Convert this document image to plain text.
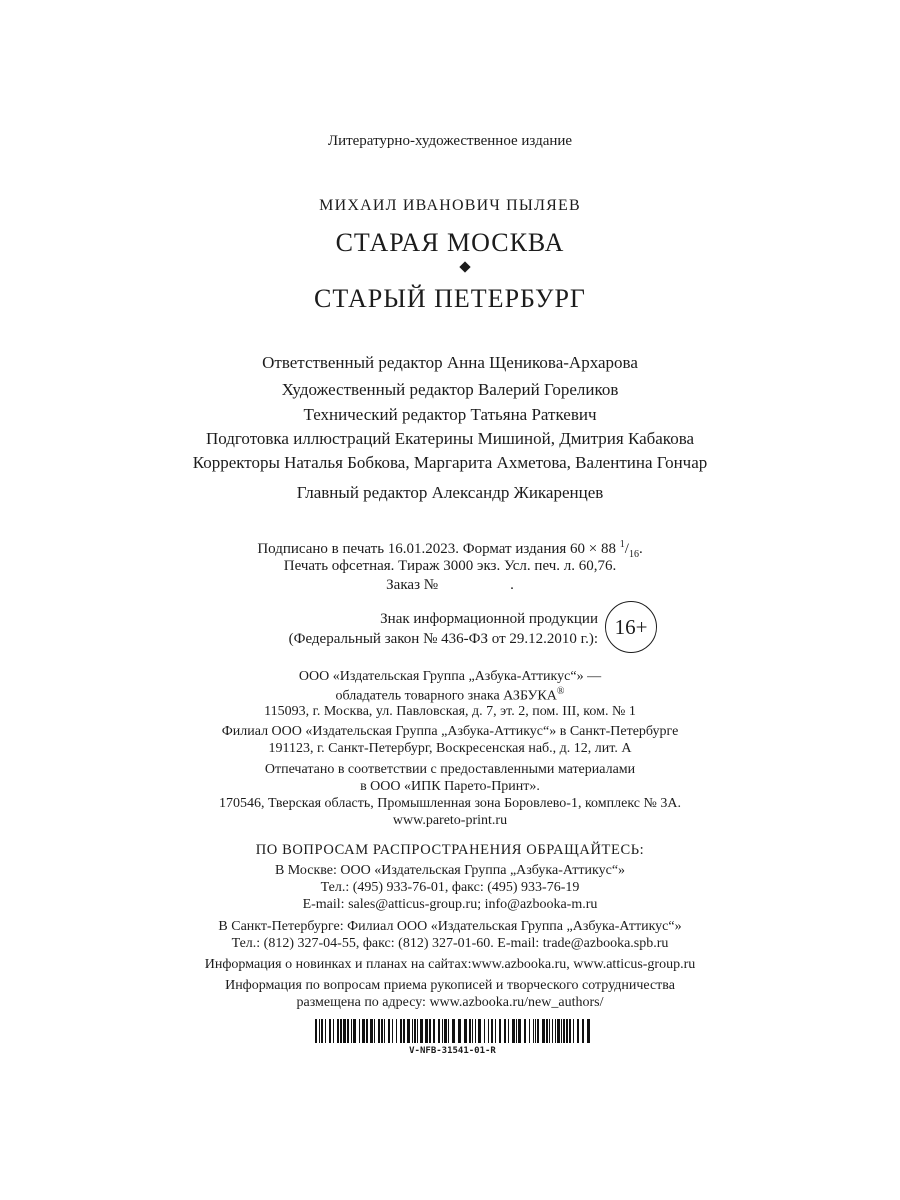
Литературно-художественное издание
МИХАИЛ ИВАНОВИЧ ПЫЛЯЕВ
СТАРАЯ МОСКВА
СТАРЫЙ ПЕТЕРБУРГ
Ответственный редактор Анна Щеникова-Архарова
Художественный редактор Валерий Гореликов
Технический редактор Татьяна Раткевич
Подготовка иллюстраций Екатерины Мишиной, Дмитрия Кабакова
Корректоры Наталья Бобкова, Маргарита Ахметова, Валентина Гончар
Главный редактор Александр Жикаренцев
Подписано в печать 16.01.2023. Формат издания 60 × 88 $^1/_{16}$.
Печать офсетная. Тираж 3000 экз. Усл. печ. л. 60,76.
Заказ №	.
Знак информационной продукции
(Федеральный закон № 436-ФЗ от 29.12.2010 г.):
16+
ООО «Издательская Группа „Азбука-Аттикус“» —
обладатель товарного знака АЗБУКА®
115093, г. Москва, ул. Павловская, д. 7, эт. 2, пом. III, ком. № 1
Филиал ООО «Издательская Группа „Азбука-Аттикус“» в Санкт-Петербурге
191123, г. Санкт-Петербург, Воскресенская наб., д. 12, лит. А
Отпечатано в соответствии с предоставленными материалами
в ООО «ИПК Парето-Принт».
170546, Тверская область, Промышленная зона Боровлево-1, комплекс № 3А.
www.pareto-print.ru
ПО ВОПРОСАМ РАСПРОСТРАНЕНИЯ ОБРАЩАЙТЕСЬ:
В Москве: ООО «Издательская Группа „Азбука-Аттикус“»
Тел.: (495) 933-76-01, факс: (495) 933-76-19
E-mail: sales@atticus-group.ru; info@azbooka-m.ru
В Санкт-Петербурге: Филиал ООО «Издательская Группа „Азбука-Аттикус“»
Тел.: (812) 327-04-55, факс: (812) 327-01-60. E-mail: trade@azbooka.spb.ru
Информация о новинках и планах на сайтах:www.azbooka.ru, www.atticus-group.ru
Информация по вопросам приема рукописей и творческого сотрудничества
размещена по адресу: www.azbooka.ru/new_authors/
V-NFB-31541-01-R
